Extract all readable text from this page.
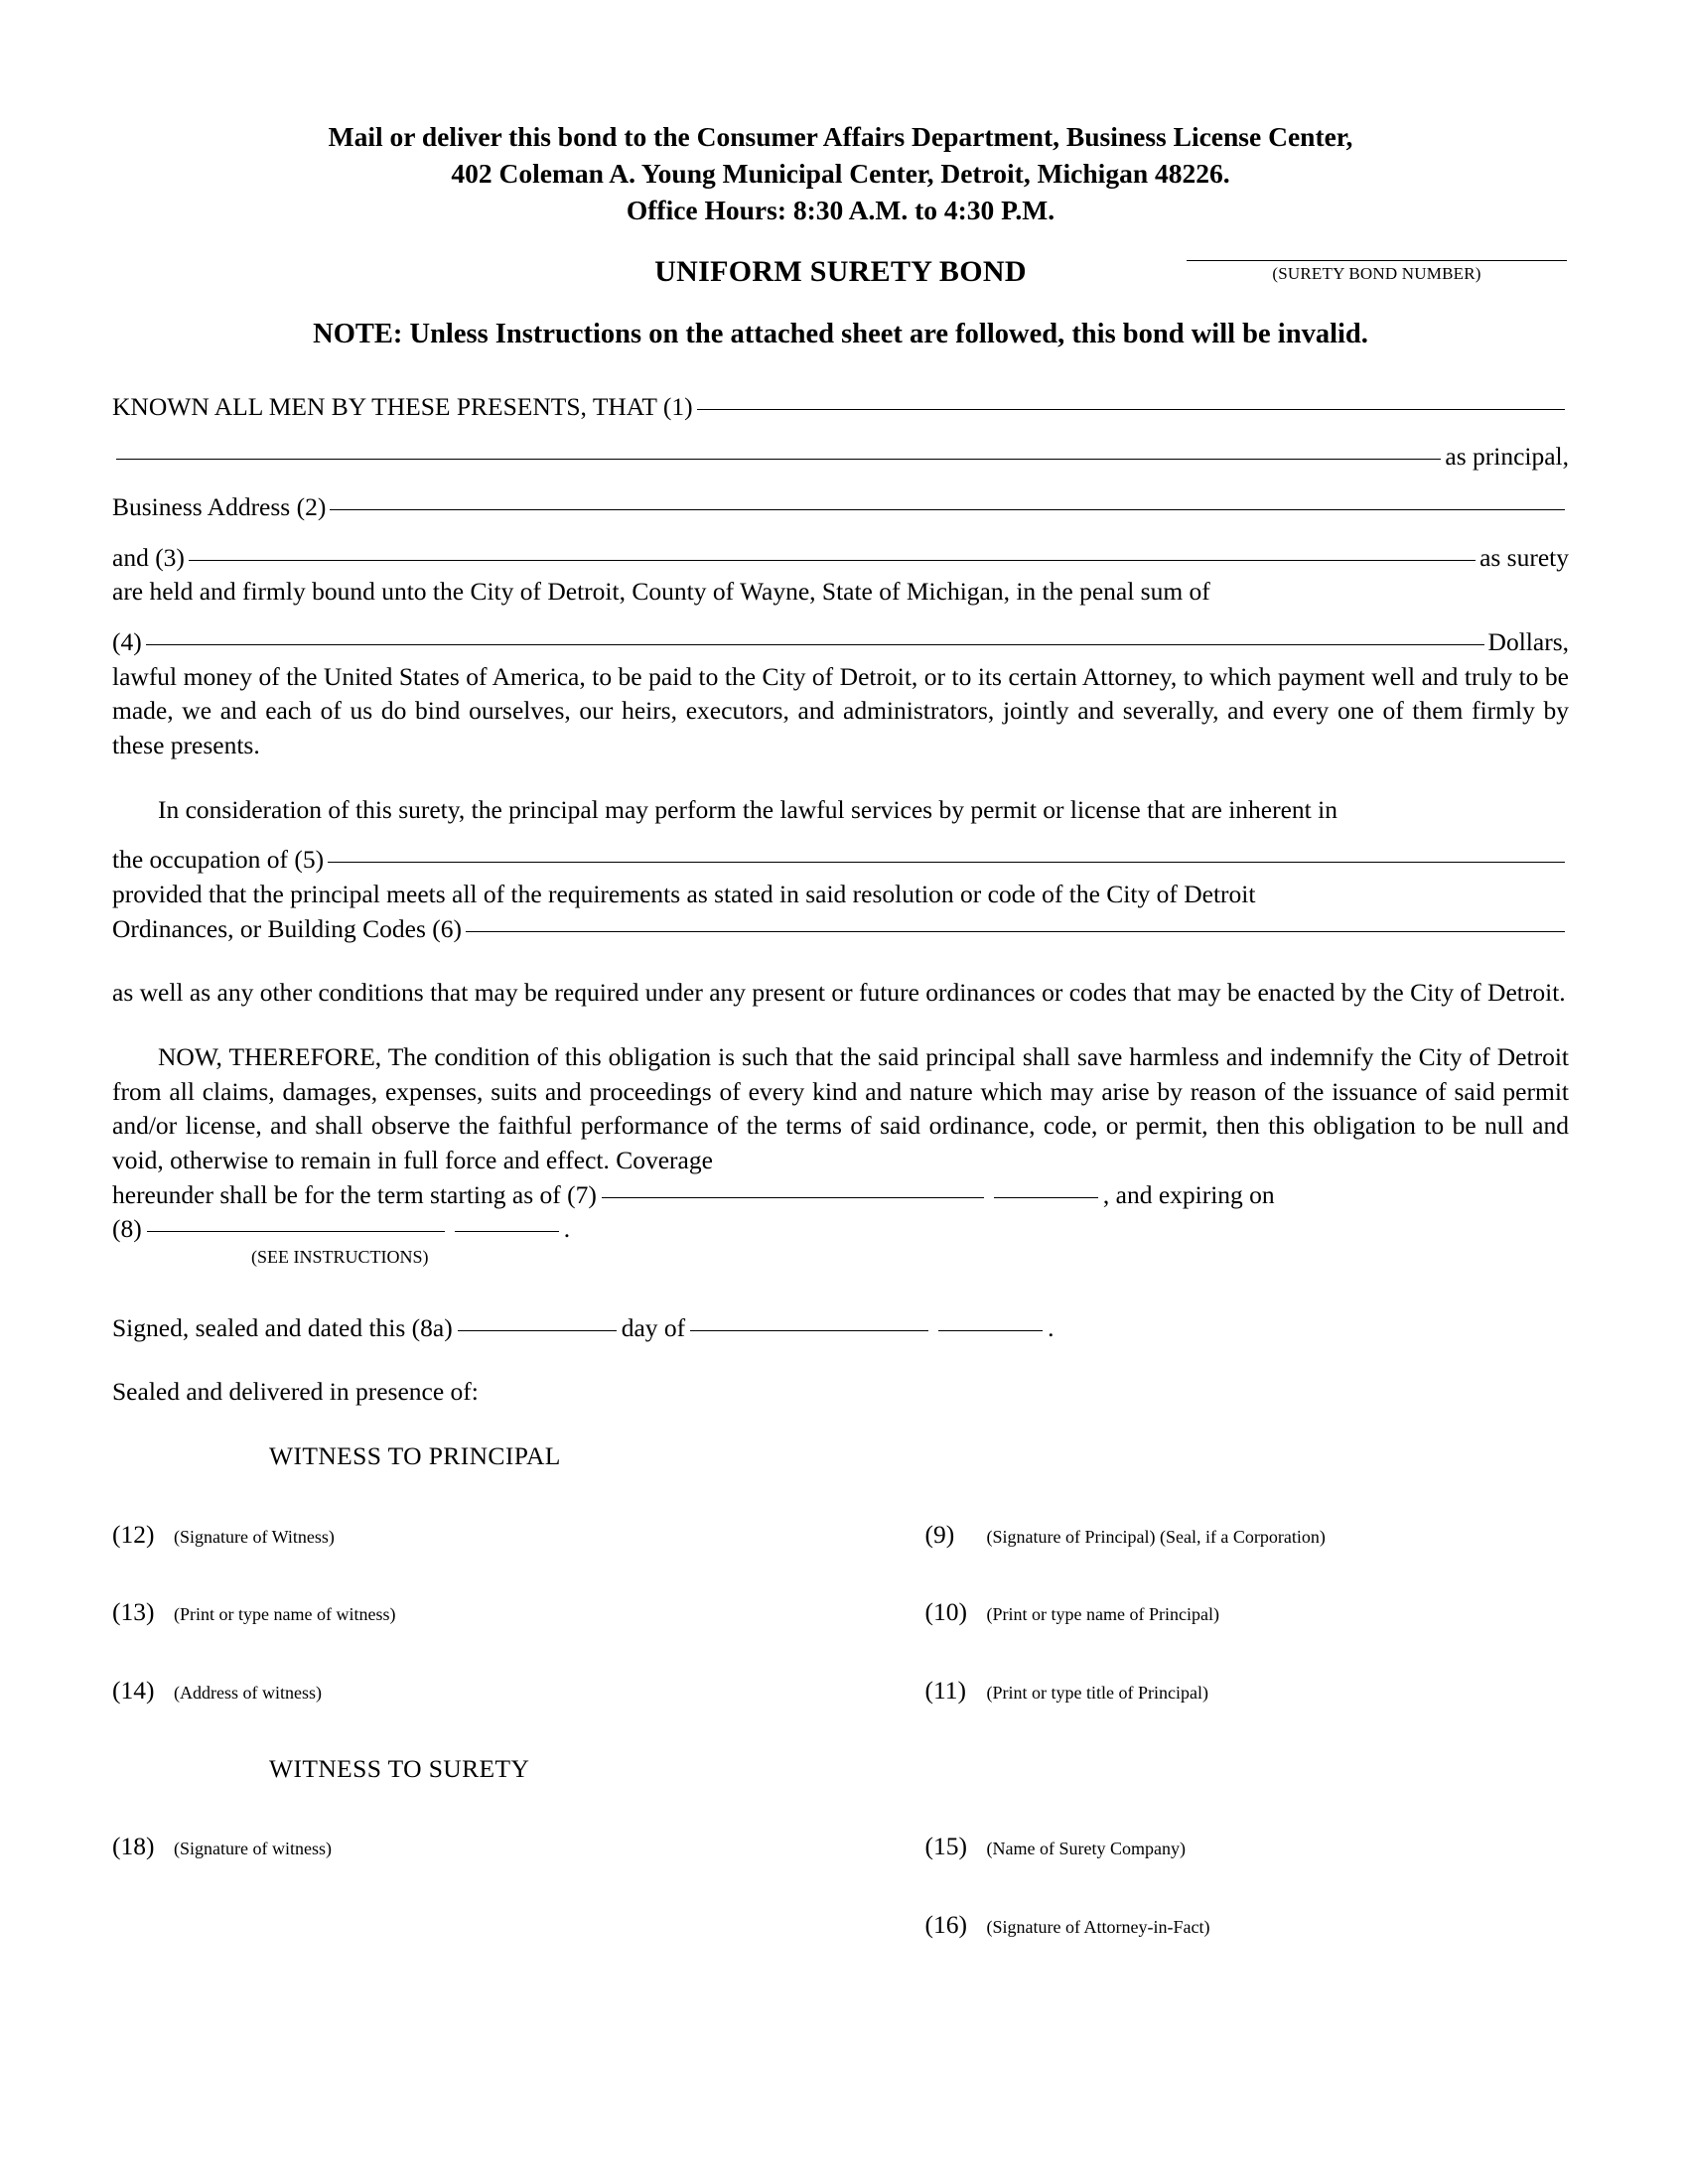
Mail or deliver this bond to the Consumer Affairs Department, Business License Center,
402 Coleman A. Young Municipal Center, Detroit, Michigan 48226.
Office Hours: 8:30 A.M. to 4:30 P.M.
UNIFORM SURETY BOND	(SURETY BOND NUMBER)
NOTE: Unless Instructions on the attached sheet are followed, this bond will be invalid.
KNOWN ALL MEN BY THESE PRESENTS, THAT (1)
as principal,
Business Address (2)
and (3)	as surety

are held and firmly bound unto the City of Detroit, County of Wayne, State of Michigan, in the penal sum of

(4)	Dollars,

lawful money of the United States of America, to be paid to the City of Detroit, or to its certain Attorney, to which payment well and truly to be made, we and each of us do bind ourselves, our heirs, executors, and administrators, jointly and severally, and every one of them firmly by these presents.

In consideration of this surety, the principal may perform the lawful services by permit or license that are inherent in

the occupation of (5)

provided that the principal meets all of the requirements as stated in said resolution or code of the City of Detroit

Ordinances, or Building Codes (6)

as well as any other conditions that may be required under any present or future ordinances or codes that may be enacted by the City of Detroit.

NOW, THEREFORE, The condition of this obligation is such that the said principal shall save harmless and indemnify the City of Detroit from all claims, damages, expenses, suits and proceedings of every kind and nature which may arise by reason of the issuance of said permit and/or license, and shall observe the faithful performance of the terms of said ordinance, code, or permit, then this obligation to be null and void, otherwise to remain in full force and effect. Coverage

hereunder shall be for the term starting as of (7)	, and expiring on
(8)	.
(SEE INSTRUCTIONS)
Signed, sealed and dated this (8a)	day of	.

Sealed and delivered in presence of:

WITNESS TO PRINCIPAL
(12)	(Signature of Witness)	(9)	(Signature of Principal) (Seal, if a Corporation)
(13)	(Print or type name of witness)	(10)	(Print or type name of Principal)
(14)	(Address of witness)	(11)	(Print or type title of Principal)
WITNESS TO SURETY
(18)	(Signature of witness)	(15)	(Name of Surety Company)
(16)	(Signature of Attorney-in-Fact)
